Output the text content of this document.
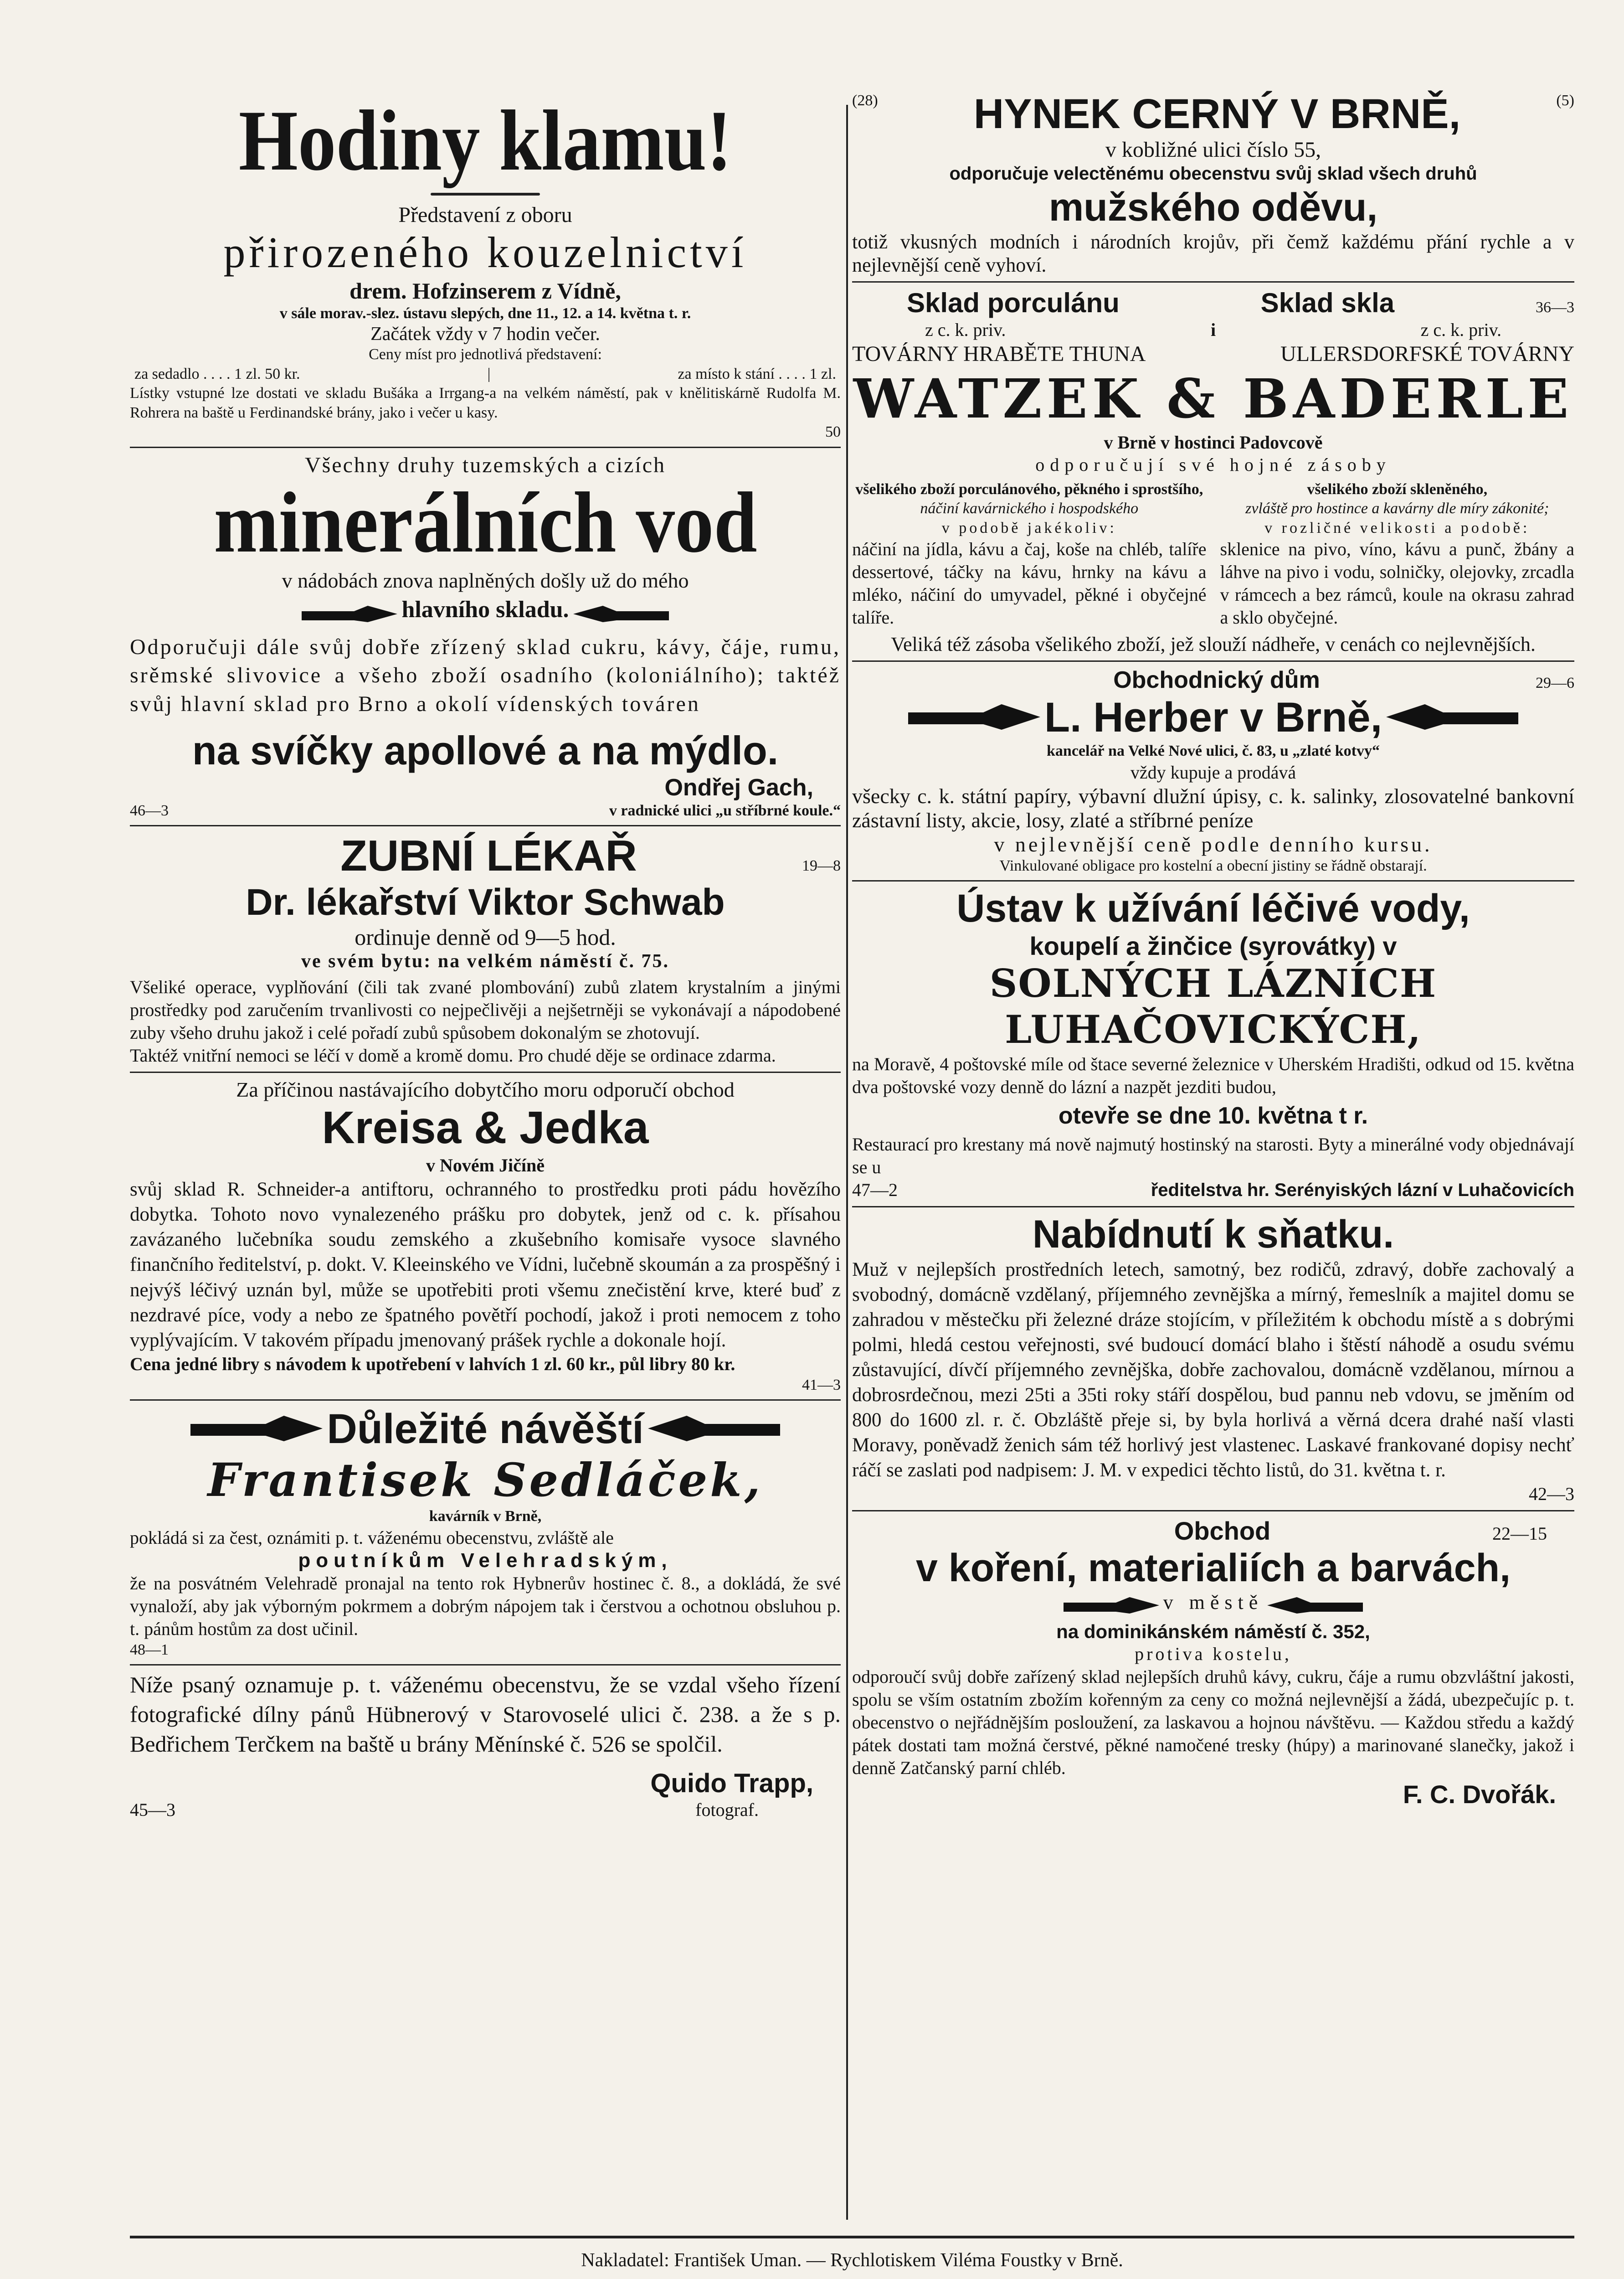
Hodiny klamu!

Představení z oboru

přirozeného kouzelnictví

drem. Hofzinserem z Vídně,

v sále morav.-slez. ústavu slepých, dne 11., 12. a 14. května t. r.

Začátek vždy v 7 hodin večer.

Ceny míst pro jednotlivá představení:

za sedadlo . . . . 1 zl. 50 kr.	|	za místo k stání . . . . 1 zl.

Lístky vstupné lze dostati ve skladu Bušáka a Irrgang-a na velkém náměstí, pak v knělitiskárně Rudolfa M. Rohrera na baště u Ferdinandské brány, jako i večer u kasy.

50

Všechny druhy tuzemských a cizích

minerálních vod

v nádobách znova naplněných došly už do mého

hlavního skladu.

Odporučuji dále svůj dobře zřízený sklad cukru, kávy, čáje, rumu, srěmské slivovice a všeho zboží osadního (koloniálního); taktéž svůj hlavní sklad pro Brno a okolí vídenských továren

na svíčky apollové a na mýdlo.

Ondřej Gach,

46—3	v radnické ulici „u stříbrné koule.“
ZUBNÍ LÉKAŘ	19—8

Dr. lékařství Viktor Schwab

ordinuje denně od 9—5 hod.

ve svém bytu: na velkém náměstí č. 75.

Všeliké operace, vyplňování (čili tak zvané plombování) zubů zlatem krystalním a jinými prostředky pod zaručením trvanlivosti co nejpečlivěji a nejšetrněji se vykonávají a nápodobené zuby všeho druhu jakož i celé pořadí zubů spůsobem dokonalým se zhotovují.

Taktéž vnitřní nemoci se léčí v domě a kromě domu. Pro chudé děje se ordinace zdarma.

Za příčinou nastávajícího dobytčího moru odporučí obchod

Kreisa & Jedka

v Novém Jičíně

svůj sklad R. Schneider-a antiftoru, ochranného to prostředku proti pádu hovězího dobytka. Tohoto novo vynalezeného prášku pro dobytek, jenž od c. k. přísahou zavázaného lučebníka soudu zemského a zkušebního komisaře vysoce slavného finančního ředitelství, p. dokt. V. Kleeinského ve Vídni, lučebně skoumán a za prospěšný i nejvýš léčivý uznán byl, může se upotřebiti proti všemu znečistění krve, které buď z nezdravé píce, vody a nebo ze špatného povětří pochodí, jakož i proti nemocem z toho vyplývajícím. V takovém případu jmenovaný prášek rychle a dokonale hojí.

Cena jedné libry s návodem k upotřebení v lahvích 1 zl. 60 kr., půl libry 80 kr.

41—3

Důležité návěští

Frantisek Sedláček,

kavárník v Brně,

pokládá si za čest, oznámiti p. t. váženému obecenstvu, zvláště ale

poutníkům Velehradským,

že na posvátném Velehradě pronajal na tento rok Hybnerův hostinec č. 8., a dokládá, že své vynaloží, aby jak výborným pokrmem a dobrým nápojem tak i čerstvou a ochotnou obsluhou p. t. pánům hostům za dost učinil.

48—1

Níže psaný oznamuje p. t. váženému obecenstvu, že se vzdal všeho řízení fotografické dílny pánů Hübnerový v Starovoselé ulici č. 238. a že s p. Bedřichem Terčkem na baště u brány Měnínské č. 526 se spolčil.

Quido Trapp,

45—3	fotograf.
(28) HYNEK CERNÝ V BRNĚ,	(5)

v kobližné ulici číslo 55,

odporučuje velectěnému obecenstvu svůj sklad všech druhů

mužského oděvu,

totiž vkusných modních i národních krojův, při čemž každému přání rychle a v nejlevnější ceně vyhoví.

Sklad porculánu	Sklad skla	36—3
z c. k. priv.	i	z c. k. priv.
TOVÁRNY HRABĚTE THUNA	ULLERSDORFSKÉ TOVÁRNY

WATZEK & BADERLE

v Brně v hostinci Padovcově

odporučují své hojné zásoby

všelikého zboží porculánového, pěkného i sprostšího,

náčiní kavárnického i hospodského

v podobě jakékoliv:

náčiní na jídla, kávu a čaj, koše na chléb, talíře dessertové, táčky na kávu, hrnky na kávu a mléko, náčiní do umyvadel, pěkné i obyčejné talíře.

všelikého zboží skleněného,

zvláště pro hostince a kavárny dle míry zákonité;

v rozličné velikosti a podobě:

sklenice na pivo, víno, kávu a punč, žbány a láhve na pivo i vodu, solničky, olejovky, zrcadla v rámcech a bez rámců, koule na okrasu zahrad a sklo obyčejné.

Veliká též zásoba všelikého zboží, jež slouží nádheře, v cenách co nejlevnějších.

Obchodnický dům	29—6
L. Herber v Brně,

kancelář na Velké Nové ulici, č. 83, u „zlaté kotvy“

vždy kupuje a prodává

všecky c. k. státní papíry, výbavní dlužní úpisy, c. k. salinky, zlosovatelné bankovní zástavní listy, akcie, losy, zlaté a stříbrné peníze

v nejlevnější ceně podle denního kursu.

Vinkulované obligace pro kostelní a obecní jistiny se řádně obstarají.

Ústav k užívání léčivé vody,

koupelí a žinčice (syrovátky) v

SOLNÝCH LÁZNÍCH LUHAČOVICKÝCH,

na Moravě, 4 poštovské míle od štace severné železnice v Uherském Hradišti, odkud od 15. května dva poštovské vozy denně do lázní a nazpět jezditi budou,

otevře se dne 10. května t r.

Restaurací pro krestany má nově najmutý hostinský na starosti. Byty a minerálné vody objednávají se u

47—2	ředitelstva hr. Serényiských lázní v Luhačovicích

Nabídnutí k sňatku.

Muž v nejlepších prostředních letech, samotný, bez rodičů, zdravý, dobře zachovalý a svobodný, domácně vzdělaný, příjemného zevnějška a mírný, řemeslník a majitel domu se zahradou v městečku při železné dráze stojícím, v příležitém k obchodu místě a s dobrými polmi, hledá cestou veřejnosti, své budoucí domácí blaho i štěstí náhodě a osudu svému zůstavující, dívčí příjemného zevnějška, dobře zachovalou, domácně vzdělanou, mírnou a dobrosrdečnou, mezi 25ti a 35ti roky stáří dospělou, bud pannu neb vdovu, se jměním od 800 do 1600 zl. r. č. Obzláště přeje si, by byla horlivá a věrná dcera drahé naší vlasti Moravy, poněvadž ženich sám též horlivý jest vlastenec. Laskavé frankované dopisy nechť ráčí se zaslati pod nadpisem: J. M. v expedici těchto listů, do 31. května t. r.

42—3

Obchod	22—15

v koření, materialiích a barvách,

v městě

na dominikánském náměstí č. 352,

protiva kostelu,

odporoučí svůj dobře zařízený sklad nejlepších druhů kávy, cukru, čáje a rumu obzvláštní jakosti, spolu se vším ostatním zbožím kořenným za ceny co možná nejlevnější a žádá, ubezpečujíc p. t. obecenstvo o nejřádnějším posloužení, za laskavou a hojnou návštěvu. — Každou středu a každý pátek dostati tam možná čerstvé, pěkné namočené tresky (húpy) a marinované slanečky, jakož i denně Zatčanský parní chléb.

F. C. Dvořák.

Nakladatel: František Uman. — Rychlotiskem Viléma Foustky v Brně.
